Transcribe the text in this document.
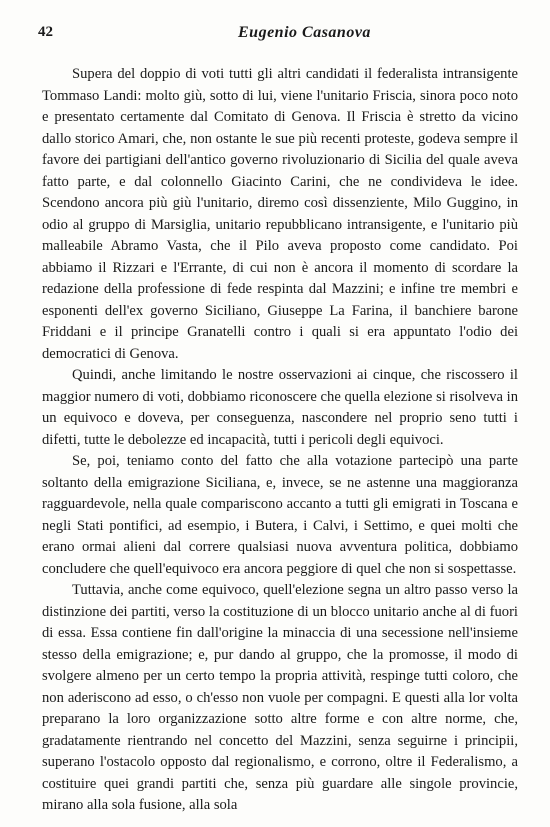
42	Eugenio Casanova

Supera del doppio di voti tutti gli altri candidati il federalista intransigente Tommaso Landi: molto giù, sotto di lui, viene l'unitario Friscia, sinora poco noto e presentato certamente dal Comitato di Genova. Il Friscia è stretto da vicino dallo storico Amari, che, non ostante le sue più recenti proteste, godeva sempre il favore dei partigiani dell'antico governo rivoluzionario di Sicilia del quale aveva fatto parte, e dal colonnello Giacinto Carini, che ne condivideva le idee. Scendono ancora più giù l'unitario, diremo così dissenziente, Milo Guggino, in odio al gruppo di Marsiglia, unitario repubblicano intransigente, e l'unitario più malleabile Abramo Vasta, che il Pilo aveva proposto come candidato. Poi abbiamo il Rizzari e l'Errante, di cui non è ancora il momento di scordare la redazione della professione di fede respinta dal Mazzini; e infine tre membri e esponenti dell'ex governo Siciliano, Giuseppe La Farina, il banchiere barone Friddani e il principe Granatelli contro i quali si era appuntato l'odio dei democratici di Genova.

Quindi, anche limitando le nostre osservazioni ai cinque, che riscossero il maggior numero di voti, dobbiamo riconoscere che quella elezione si risolveva in un equivoco e doveva, per conseguenza, nascondere nel proprio seno tutti i difetti, tutte le debolezze ed incapacità, tutti i pericoli degli equivoci.

Se, poi, teniamo conto del fatto che alla votazione partecipò una parte soltanto della emigrazione Siciliana, e, invece, se ne astenne una maggioranza ragguardevole, nella quale compariscono accanto a tutti gli emigrati in Toscana e negli Stati pontifici, ad esempio, i Butera, i Calvi, i Settimo, e quei molti che erano ormai alieni dal correre qualsiasi nuova avventura politica, dobbiamo concludere che quell'equivoco era ancora peggiore di quel che non si sospettasse.

Tuttavia, anche come equivoco, quell'elezione segna un altro passo verso la distinzione dei partiti, verso la costituzione di un blocco unitario anche al di fuori di essa. Essa contiene fin dall'origine la minaccia di una secessione nell'insieme stesso della emigrazione; e, pur dando al gruppo, che la promosse, il modo di svolgere almeno per un certo tempo la propria attività, respinge tutti coloro, che non aderiscono ad esso, o ch'esso non vuole per compagni. E questi alla lor volta preparano la loro organizzazione sotto altre forme e con altre norme, che, gradatamente rientrando nel concetto del Mazzini, senza seguirne i principii, superano l'ostacolo opposto dal regionalismo, e corrono, oltre il Federalismo, a costituire quei grandi partiti che, senza più guardare alle singole provincie, mirano alla sola fusione, alla sola
